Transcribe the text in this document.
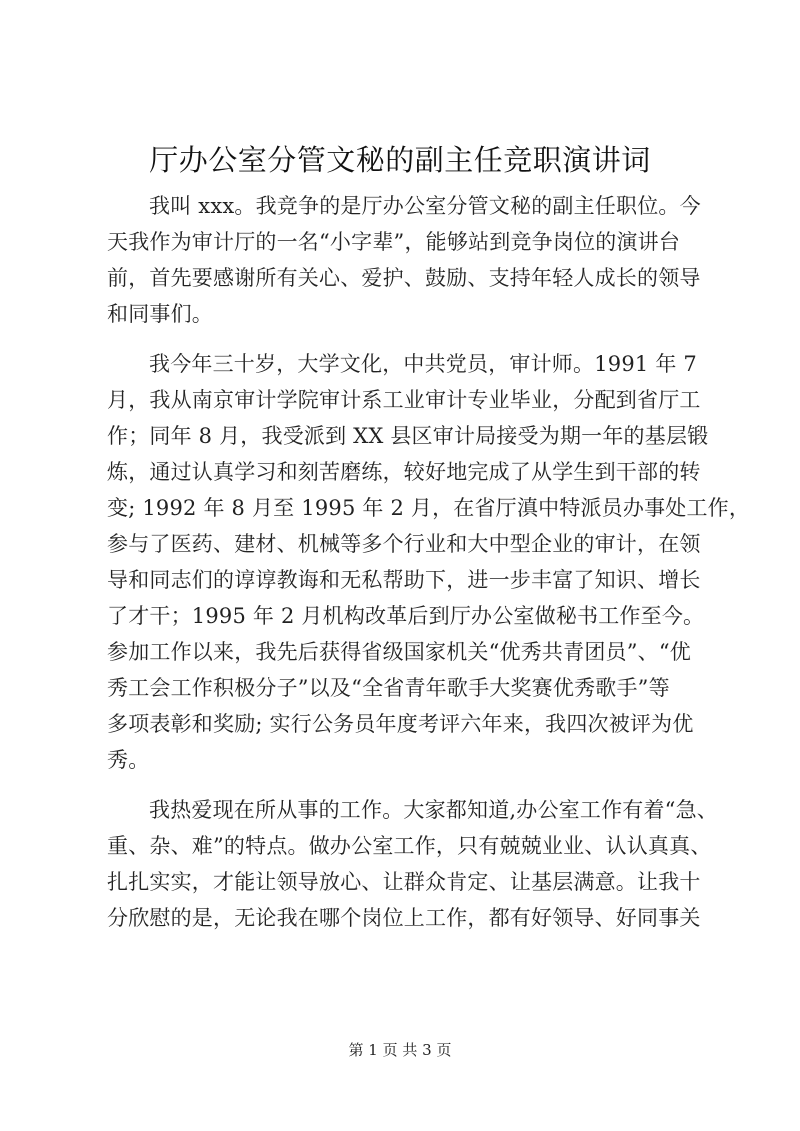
厅办公室分管文秘的副主任竞职演讲词
我叫 xxx。我竞争的是厅办公室分管文秘的副主任职位。今
天我作为审计厅的一名“小字辈”，能够站到竞争岗位的演讲台
前，首先要感谢所有关心、爱护、鼓励、支持年轻人成长的领导
和同事们。
我今年三十岁，大学文化，中共党员，审计师。1991 年 7
月，我从南京审计学院审计系工业审计专业毕业，分配到省厅工
作；同年 8 月，我受派到 XX 县区审计局接受为期一年的基层锻
炼，通过认真学习和刻苦磨练，较好地完成了从学生到干部的转
变; 1992 年 8 月至 1995 年 2 月，在省厅滇中特派员办事处工作，
参与了医药、建材、机械等多个行业和大中型企业的审计，在领
导和同志们的谆谆教诲和无私帮助下，进一步丰富了知识、增长
了才干；1995 年 2 月机构改革后到厅办公室做秘书工作至今。
参加工作以来，我先后获得省级国家机关“优秀共青团员”、“优
秀工会工作积极分子”以及“全省青年歌手大奖赛优秀歌手”等
多项表彰和奖励; 实行公务员年度考评六年来，我四次被评为优
秀。
我热爱现在所从事的工作。大家都知道,办公室工作有着“急、
重、杂、难”的特点。做办公室工作，只有兢兢业业、认认真真、
扎扎实实，才能让领导放心、让群众肯定、让基层满意。让我十
分欣慰的是，无论我在哪个岗位上工作，都有好领导、好同事关
第 1 页 共 3 页
